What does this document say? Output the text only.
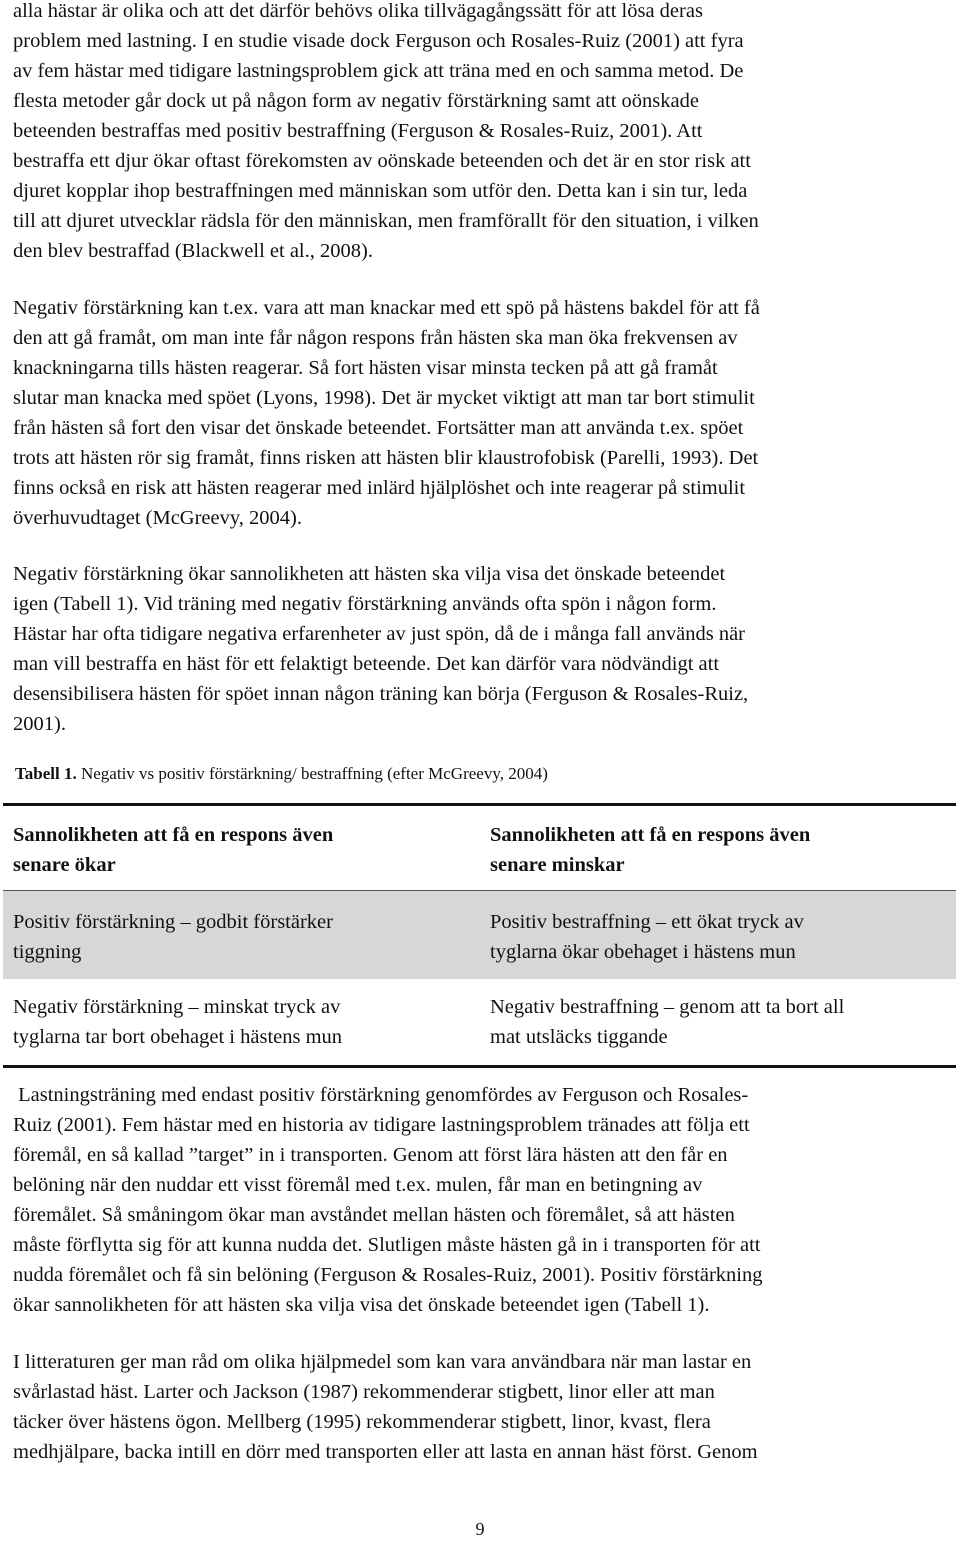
alla hästar är olika och att det därför behövs olika tillvägagångssätt för att lösa deras
problem med lastning. I en studie visade dock Ferguson och Rosales-Ruiz (2001) att fyra
av fem hästar med tidigare lastningsproblem gick att träna med en och samma metod. De
flesta metoder går dock ut på någon form av negativ förstärkning samt att oönskade
beteenden bestraffas med positiv bestraffning (Ferguson & Rosales-Ruiz, 2001). Att
bestraffa ett djur ökar oftast förekomsten av oönskade beteenden och det är en stor risk att
djuret kopplar ihop bestraffningen med människan som utför den. Detta kan i sin tur, leda
till att djuret utvecklar rädsla för den människan, men framförallt för den situation, i vilken
den blev bestraffad (Blackwell et al., 2008).
Negativ förstärkning kan t.ex. vara att man knackar med ett spö på hästens bakdel för att få
den att gå framåt, om man inte får någon respons från hästen ska man öka frekvensen av
knackningarna tills hästen reagerar. Så fort hästen visar minsta tecken på att gå framåt
slutar man knacka med spöet (Lyons, 1998). Det är mycket viktigt att man tar bort stimulit
från hästen så fort den visar det önskade beteendet. Fortsätter man att använda t.ex. spöet
trots att hästen rör sig framåt, finns risken att hästen blir klaustrofobisk (Parelli, 1993). Det
finns också en risk att hästen reagerar med inlärd hjälplöshet och inte reagerar på stimulit
överhuvudtaget (McGreevy, 2004).
Negativ förstärkning ökar sannolikheten att hästen ska vilja visa det önskade beteendet
igen (Tabell 1). Vid träning med negativ förstärkning används ofta spön i någon form.
Hästar har ofta tidigare negativa erfarenheter av just spön, då de i många fall används när
man vill bestraffa en häst för ett felaktigt beteende. Det kan därför vara nödvändigt att
desensibilisera hästen för spöet innan någon träning kan börja (Ferguson & Rosales-Ruiz,
2001).

Tabell 1. Negativ vs positiv förstärkning/ bestraffning (efter McGreevy, 2004)

Sannolikheten att få en respons även
senare ökar
Sannolikheten att få en respons även
senare minskar
Positiv förstärkning – godbit förstärker
tiggning
Positiv bestraffning – ett ökat tryck av
tyglarna ökar obehaget i hästens mun
Negativ förstärkning – minskat tryck av
tyglarna tar bort obehaget i hästens mun
Negativ bestraffning – genom att ta bort all
mat utsläcks tiggande
Lastningsträning med endast positiv förstärkning genomfördes av Ferguson och Rosales-
Ruiz (2001). Fem hästar med en historia av tidigare lastningsproblem tränades att följa ett
föremål, en så kallad ”target” in i transporten. Genom att först lära hästen att den får en
belöning när den nuddar ett visst föremål med t.ex. mulen, får man en betingning av
föremålet. Så småningom ökar man avståndet mellan hästen och föremålet, så att hästen
måste förflytta sig för att kunna nudda det. Slutligen måste hästen gå in i transporten för att
nudda föremålet och få sin belöning (Ferguson & Rosales-Ruiz, 2001). Positiv förstärkning
ökar sannolikheten för att hästen ska vilja visa det önskade beteendet igen (Tabell 1).
I litteraturen ger man råd om olika hjälpmedel som kan vara användbara när man lastar en
svårlastad häst. Larter och Jackson (1987) rekommenderar stigbett, linor eller att man
täcker över hästens ögon. Mellberg (1995) rekommenderar stigbett, linor, kvast, flera
medhjälpare, backa intill en dörr med transporten eller att lasta en annan häst först. Genom
9
